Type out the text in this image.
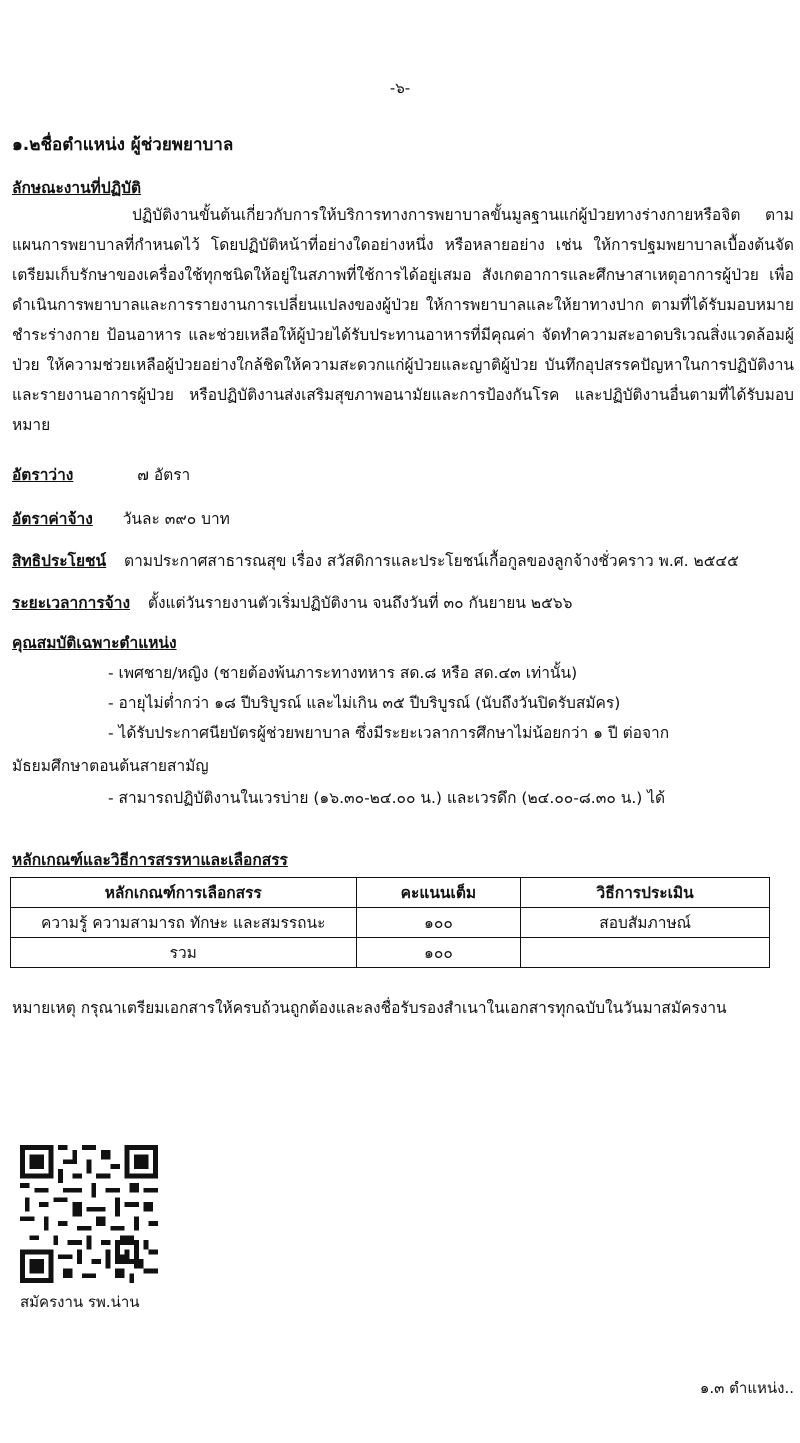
-๖-
๑.๒ชื่อตำแหน่ง ผู้ช่วยพยาบาล
ลักษณะงานที่ปฏิบัติ
ปฏิบัติงานขั้นต้นเกี่ยวกับการให้บริการทางการพยาบาลขั้นมูลฐานแก่ผู้ป่วยทางร่างกายหรือจิต ตามแผนการพยาบาลที่กำหนดไว้ โดยปฏิบัติหน้าที่อย่างใดอย่างหนึ่ง หรือหลายอย่าง เช่น ให้การปฐมพยาบาลเบื้องต้นจัดเตรียมเก็บรักษาของเครื่องใช้ทุกชนิดให้อยู่ในสภาพที่ใช้การได้อยู่เสมอ สังเกตอาการและศึกษาสาเหตุอาการผู้ป่วย เพื่อดำเนินการพยาบาลและการรายงานการเปลี่ยนแปลงของผู้ป่วย ให้การพยาบาลและให้ยาทางปาก ตามที่ได้รับมอบหมาย ชำระร่างกาย ป้อนอาหาร และช่วยเหลือให้ผู้ป่วยได้รับประทานอาหารที่มีคุณค่า จัดทำความสะอาดบริเวณสิ่งแวดล้อมผู้ป่วย ให้ความช่วยเหลือผู้ป่วยอย่างใกล้ชิดให้ความสะดวกแก่ผู้ป่วยและญาติผู้ป่วย บันทึกอุปสรรคปัญหาในการปฏิบัติงานและรายงานอาการผู้ป่วย หรือปฏิบัติงานส่งเสริมสุขภาพอนามัยและการป้องกันโรค และปฏิบัติงานอื่นตามที่ได้รับมอบหมาย
อัตราว่าง	๗ อัตรา
อัตราค่าจ้าง วันละ ๓๙๐ บาท
สิทธิประโยชน์ ตามประกาศสาธารณสุข เรื่อง สวัสดิการและประโยชน์เกื้อกูลของลูกจ้างชั่วคราว พ.ศ. ๒๕๔๕
ระยะเวลาการจ้าง ตั้งแต่วันรายงานตัวเริ่มปฏิบัติงาน จนถึงวันที่ ๓๐ กันยายน ๒๕๖๖
คุณสมบัติเฉพาะตำแหน่ง
- เพศชาย/หญิง (ชายต้องพ้นภาระทางทหาร สด.๘ หรือ สด.๔๓ เท่านั้น)
- อายุไม่ต่ำกว่า ๑๘ ปีบริบูรณ์ และไม่เกิน ๓๕ ปีบริบูรณ์ (นับถึงวันปิดรับสมัคร)
- ได้รับประกาศนียบัตรผู้ช่วยพยาบาล ซึ่งมีระยะเวลาการศึกษาไม่น้อยกว่า ๑ ปี ต่อจาก
มัธยมศึกษาตอนต้นสายสามัญ
- สามารถปฏิบัติงานในเวรบ่าย (๑๖.๓๐-๒๔.๐๐ น.) และเวรดึก (๒๔.๐๐-๘.๓๐ น.) ได้
หลักเกณฑ์และวิธีการสรรหาและเลือกสรร
หลักเกณฑ์การเลือกสรร	คะแนนเต็ม	วิธีการประเมิน
ความรู้ ความสามารถ ทักษะ และสมรรถนะ	๑๐๐	สอบสัมภาษณ์
รวม	๑๐๐	
หมายเหตุ กรุณาเตรียมเอกสารให้ครบถ้วนถูกต้องและลงชื่อรับรองสำเนาในเอกสารทุกฉบับในวันมาสมัครงาน
สมัครงาน รพ.น่าน
๑.๓ ตำแหน่ง..
